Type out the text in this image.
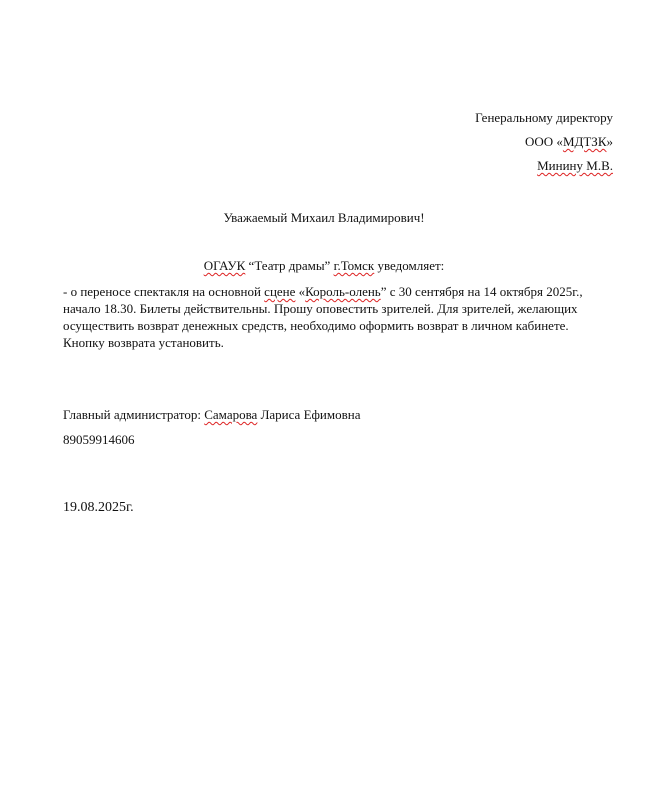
Генеральному директору
ООО «МДТЗК»
Минину М.В.
Уважаемый Михаил Владимирович!
ОГАУК “Театр драмы” г.Томск уведомляет:
- о переносе спектакля на основной сцене «Король-олень” с 30 сентября на 14 октября 2025г., начало 18.30. Билеты действительны. Прошу оповестить зрителей. Для зрителей, желающих осуществить возврат денежных средств, необходимо оформить возврат в личном кабинете. Кнопку возврата установить.
Главный администратор: Самарова Лариса Ефимовна
89059914606
19.08.2025г.
